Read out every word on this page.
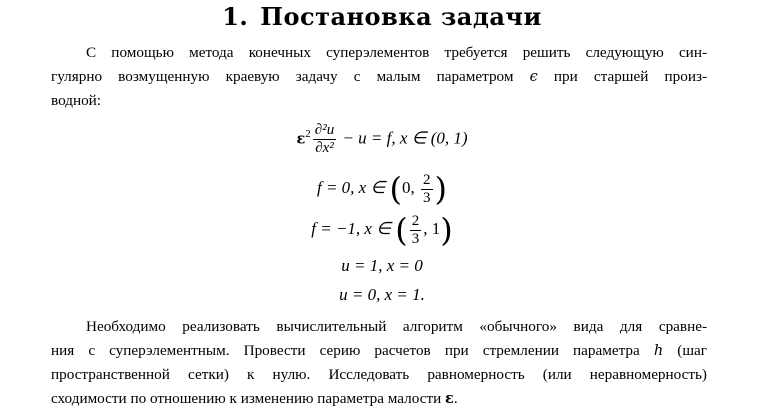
1. Постановка задачи
С помощью метода конечных суперэлементов требуется решить следующую син-
гулярно возмущенную краевую задачу с малым параметром ϵ при старшей произ-
водной:
$\varepsilon^2 \frac{\text{∂²u}}{\text{∂x²}} - u = f$, x ∈ (0, 1)
f = 0, x ∈ (0, $\frac{2}{3}$ )
f = −1, x ∈ ( $\frac{2}{3}$ , 1)
u = 1, x = 0
u = 0, x = 1.
Необходимо реализовать вычислительный алгоритм «обычного» вида для сравне-
ния с суперэлементным. Провести серию расчетов при стремлении параметра h (шаг
пространственной сетки) к нулю. Исследовать равномерность (или неравномерность)
сходимости по отношению к изменению параметра малости ε.
